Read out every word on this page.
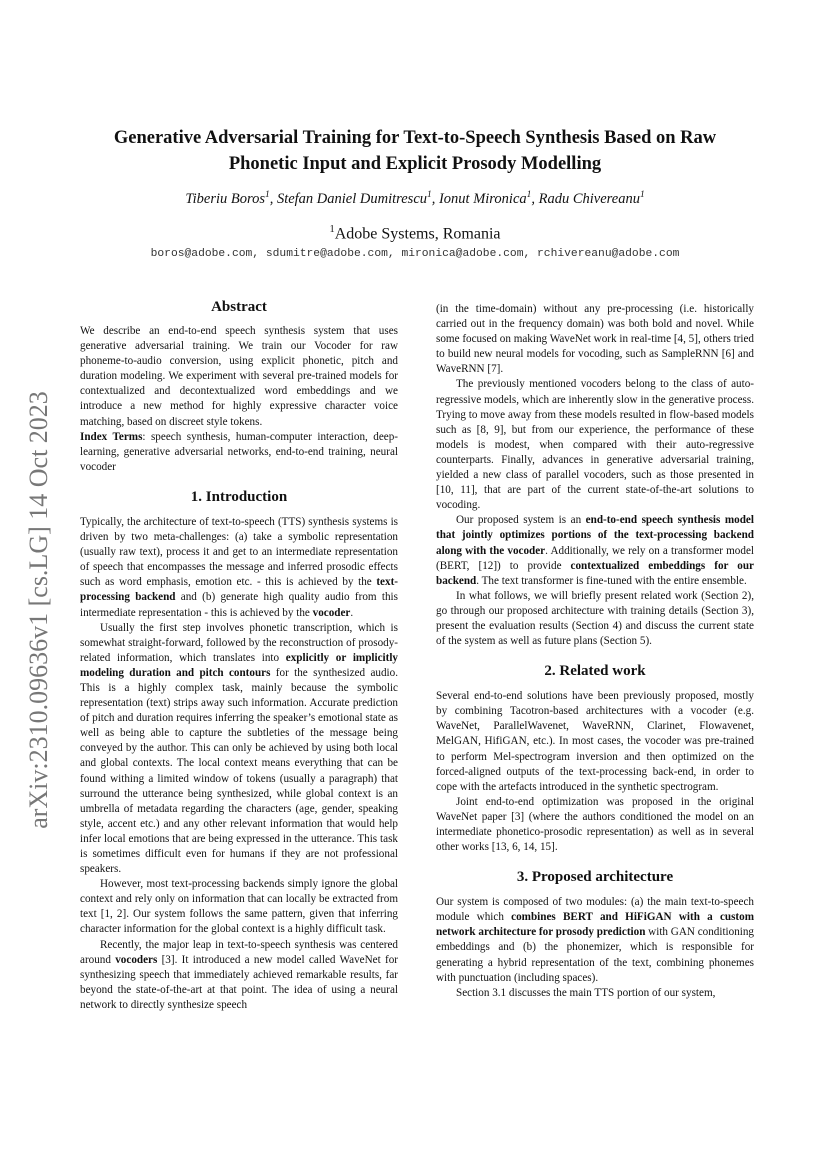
arXiv:2310.09636v1 [cs.LG] 14 Oct 2023
Generative Adversarial Training for Text-to-Speech Synthesis Based on Raw
Phonetic Input and Explicit Prosody Modelling
Tiberiu Boros$^1$, Stefan Daniel Dumitrescu$^1$, Ionut Mironica$^1$, Radu Chivereanu$^1$
$^1$Adobe Systems, Romania
boros@adobe.com, sdumitre@adobe.com, mironica@adobe.com, rchivereanu@adobe.com
Abstract

We describe an end-to-end speech synthesis system that uses generative adversarial training. We train our Vocoder for raw phoneme-to-audio conversion, using explicit phonetic, pitch and duration modeling. We experiment with several pre-trained models for contextualized and decontextualized word embeddings and we introduce a new method for highly expressive character voice matching, based on discreet style tokens.

Index Terms: speech synthesis, human-computer interaction, deep-learning, generative adversarial networks, end-to-end training, neural vocoder

1. Introduction

Typically, the architecture of text-to-speech (TTS) synthesis systems is driven by two meta-challenges: (a) take a symbolic representation (usually raw text), process it and get to an intermediate representation of speech that encompasses the message and inferred prosodic effects such as word emphasis, emotion etc. - this is achieved by the text-processing backend and (b) generate high quality audio from this intermediate representation - this is achieved by the vocoder.

Usually the first step involves phonetic transcription, which is somewhat straight-forward, followed by the reconstruction of prosody-related information, which translates into explicitly or implicitly modeling duration and pitch contours for the synthesized audio. This is a highly complex task, mainly because the symbolic representation (text) strips away such information. Accurate prediction of pitch and duration requires inferring the speaker’s emotional state as well as being able to capture the subtleties of the message being conveyed by the author. This can only be achieved by using both local and global contexts. The local context means everything that can be found withing a limited window of tokens (usually a paragraph) that surround the utterance being synthesized, while global context is an umbrella of metadata regarding the characters (age, gender, speaking style, accent etc.) and any other relevant information that would help infer local emotions that are being expressed in the utterance. This task is sometimes difficult even for humans if they are not professional speakers.

However, most text-processing backends simply ignore the global context and rely only on information that can locally be extracted from text [1, 2]. Our system follows the same pattern, given that inferring character information for the global context is a highly difficult task.

Recently, the major leap in text-to-speech synthesis was centered around vocoders [3]. It introduced a new model called WaveNet for synthesizing speech that immediately achieved remarkable results, far beyond the state-of-the-art at that point. The idea of using a neural network to directly synthesize speech

(in the time-domain) without any pre-processing (i.e. historically carried out in the frequency domain) was both bold and novel. While some focused on making WaveNet work in real-time [4, 5], others tried to build new neural models for vocoding, such as SampleRNN [6] and WaveRNN [7].

The previously mentioned vocoders belong to the class of auto-regressive models, which are inherently slow in the generative process. Trying to move away from these models resulted in flow-based models such as [8, 9], but from our experience, the performance of these models is modest, when compared with their auto-regressive counterparts. Finally, advances in generative adversarial training, yielded a new class of parallel vocoders, such as those presented in [10, 11], that are part of the current state-of-the-art solutions to vocoding.

Our proposed system is an end-to-end speech synthesis model that jointly optimizes portions of the text-processing backend along with the vocoder. Additionally, we rely on a transformer model (BERT, [12]) to provide contextualized embeddings for our backend. The text transformer is fine-tuned with the entire ensemble.

In what follows, we will briefly present related work (Section 2), go through our proposed architecture with training details (Section 3), present the evaluation results (Section 4) and discuss the current state of the system as well as future plans (Section 5).

2. Related work

Several end-to-end solutions have been previously proposed, mostly by combining Tacotron-based architectures with a vocoder (e.g. WaveNet, ParallelWavenet, WaveRNN, Clarinet, Flowavenet, MelGAN, HifiGAN, etc.). In most cases, the vocoder was pre-trained to perform Mel-spectrogram inversion and then optimized on the forced-aligned outputs of the text-processing back-end, in order to cope with the artefacts introduced in the synthetic spectrogram.

Joint end-to-end optimization was proposed in the original WaveNet paper [3] (where the authors conditioned the model on an intermediate phonetico-prosodic representation) as well as in several other works [13, 6, 14, 15].

3. Proposed architecture

Our system is composed of two modules: (a) the main text-to-speech module which combines BERT and HiFiGAN with a custom network architecture for prosody prediction with GAN conditioning embeddings and (b) the phonemizer, which is responsible for generating a hybrid representation of the text, combining phonemes with punctuation (including spaces).

Section 3.1 discusses the main TTS portion of our system,
